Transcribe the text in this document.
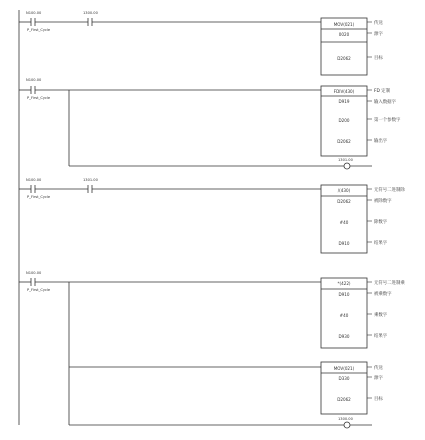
N100.00
P_First_Cycle
1300.00
MOV(021)
0020
D2062
传送
源字
目标
N100.00
P_First_Cycle
FDIV(430)
D919
D200
D2062
FD 定制
输入数据字
第一个参数字
输出字
1301.00
N100.00
P_First_Cycle
1301.00
/(430)
D2062
#40
D910
无符号二进制除
被除数字
除数字
结果字
N100.00
P_First_Cycle
*(422)
D910
#40
D930
无符号二进制乘
被乘数字
乘数字
结果字
MOV(021)
D330
D2062
传送
源字
目标
1300.00
